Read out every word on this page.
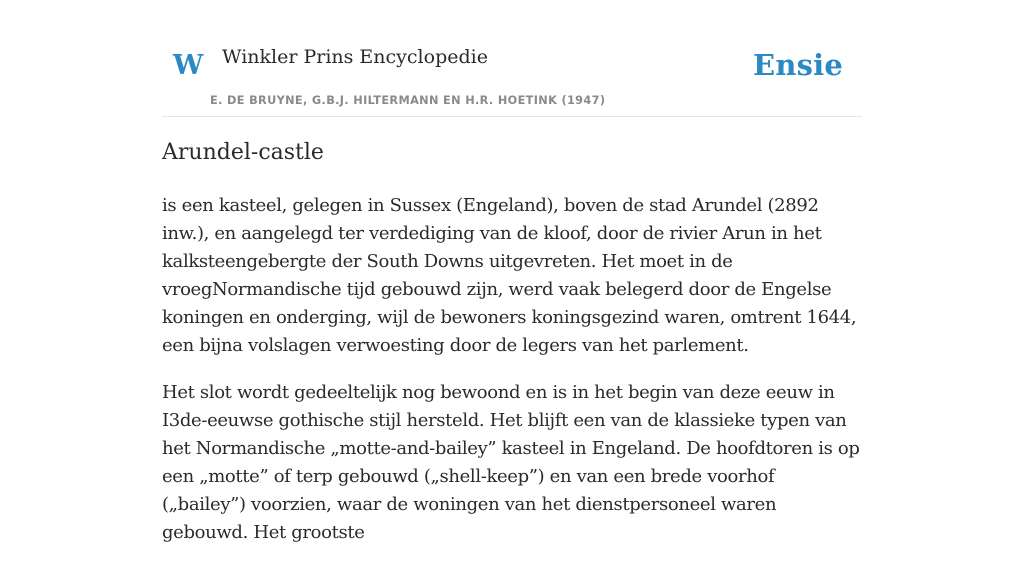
W Winkler Prins Encyclopedie
E. DE BRUYNE, G.B.J. HILTERMANN EN H.R. HOETINK (1947)
Ensie
Arundel-castle

is een kasteel, gelegen in Sussex (Engeland), boven de stad Arundel (2892 inw.), en aangelegd ter verdediging van de kloof, door de rivier Arun in het kalksteengebergte der South Downs uitgevreten. Het moet in de vroegNormandische tijd gebouwd zijn, werd vaak belegerd door de Engelse koningen en onderging, wijl de bewoners koningsgezind waren, omtrent 1644, een bijna volslagen verwoesting door de legers van het parlement.

Het slot wordt gedeeltelijk nog bewoond en is in het begin van deze eeuw in I3de-eeuwse gothische stijl hersteld. Het blijft een van de klassieke typen van het Normandische „motte-and-bailey” kasteel in Engeland. De hoofdtoren is op een „motte” of terp gebouwd („shell-keep”) en van een brede voorhof („bailey”) voorzien, waar de woningen van het dienstpersoneel waren gebouwd. Het grootste
